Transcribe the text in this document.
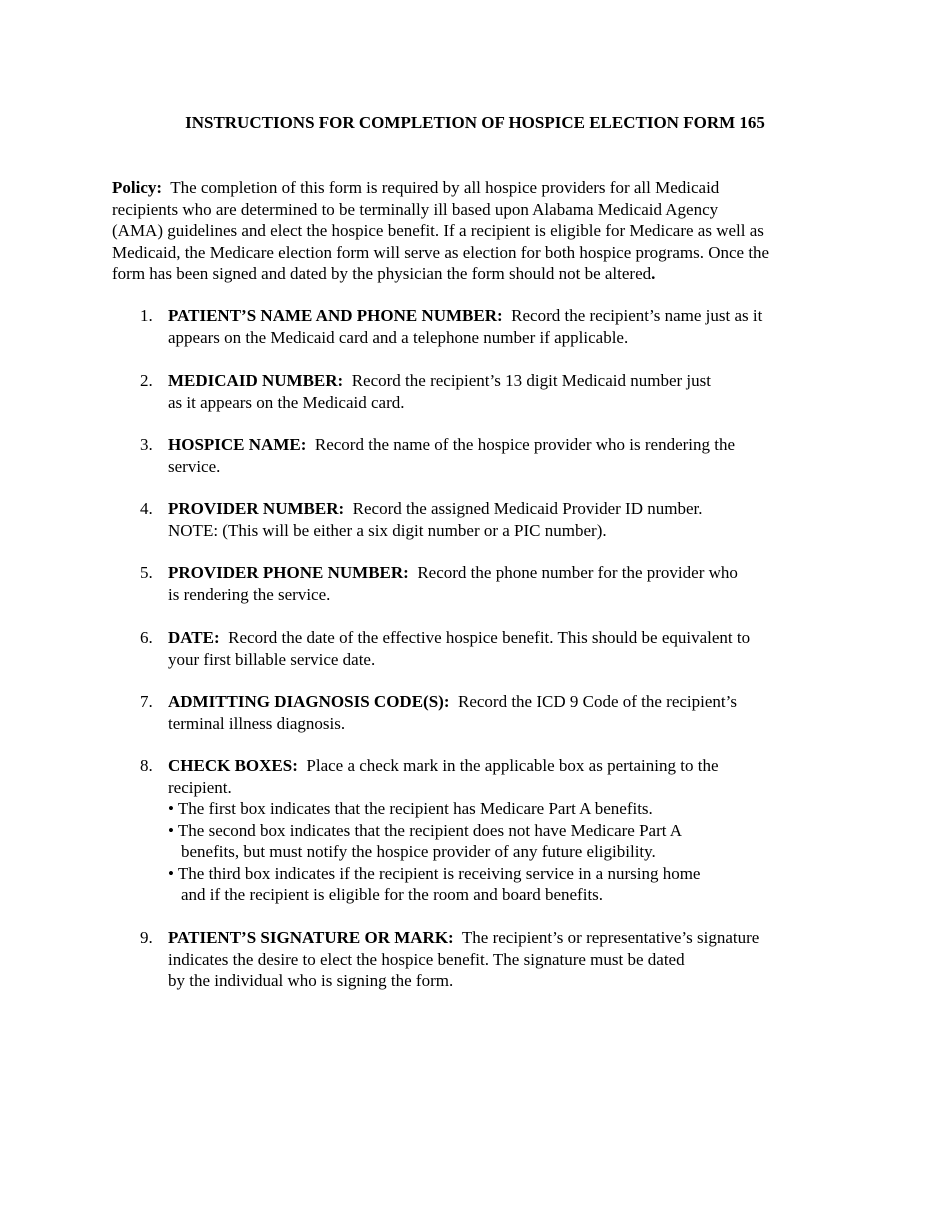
INSTRUCTIONS FOR COMPLETION OF HOSPICE ELECTION FORM 165
Policy: The completion of this form is required by all hospice providers for all Medicaid
recipients who are determined to be terminally ill based upon Alabama Medicaid Agency
(AMA) guidelines and elect the hospice benefit. If a recipient is eligible for Medicare as well as
Medicaid, the Medicare election form will serve as election for both hospice programs. Once the
form has been signed and dated by the physician the form should not be altered.
1. PATIENT’S NAME AND PHONE NUMBER: Record the recipient’s name just as it
appears on the Medicaid card and a telephone number if applicable.
2. MEDICAID NUMBER: Record the recipient’s 13 digit Medicaid number just
as it appears on the Medicaid card.
3. HOSPICE NAME: Record the name of the hospice provider who is rendering the
service.
4. PROVIDER NUMBER: Record the assigned Medicaid Provider ID number.
NOTE: (This will be either a six digit number or a PIC number).
5. PROVIDER PHONE NUMBER: Record the phone number for the provider who
is rendering the service.
6. DATE: Record the date of the effective hospice benefit. This should be equivalent to
your first billable service date.
7. ADMITTING DIAGNOSIS CODE(S): Record the ICD 9 Code of the recipient’s
terminal illness diagnosis.
8. CHECK BOXES: Place a check mark in the applicable box as pertaining to the
recipient.
• The first box indicates that the recipient has Medicare Part A benefits.
• The second box indicates that the recipient does not have Medicare Part A
benefits, but must notify the hospice provider of any future eligibility.
• The third box indicates if the recipient is receiving service in a nursing home
and if the recipient is eligible for the room and board benefits.
9. PATIENT’S SIGNATURE OR MARK: The recipient’s or representative’s signature
indicates the desire to elect the hospice benefit. The signature must be dated
by the individual who is signing the form.
